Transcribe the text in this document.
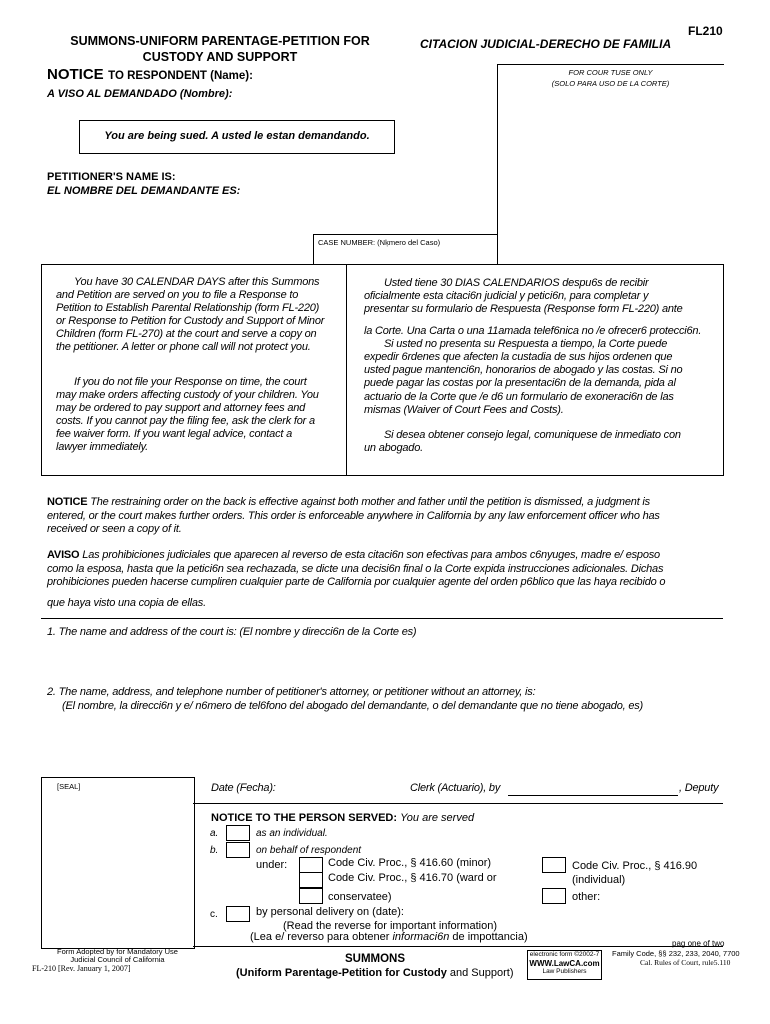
SUMMONS-UNIFORM PARENTAGE-PETITION FOR
CUSTODY AND SUPPORT
CITACION JUDICIAL-DERECHO DE FAMILIA
FL210
NOTICE TO RESPONDENT (Name):
A VISO AL DEMANDADO (Nombre):
FOR COUR TUSE ONLY
(SOLO PARA USO DE LA CORTE)
You are being sued. A usted le estan demandando.
PETITIONER'S NAME IS:
EL NOMBRE DEL DEMANDANTE ES:
CASE NUMBER: (Nķmero del Caso)
You have 30 CALENDAR DAYS after this Summons
and Petition are served on you to file a Response to
Petition to Establish Parental Relationship (form FL-220)
or Response to Petition for Custody and Support of Minor
Children (form FL-270) at the court and serve a copy on
the petitioner. A letter or phone call will not protect you.
If you do not file your Response on time, the court
may make orders affecting custody of your children. You
may be ordered to pay support and attorney fees and
costs. If you cannot pay the filing fee, ask the clerk for a
fee waiver form. If you want legal advice, contact a
lawyer immediately.
Usted tiene 30 DIAS CALENDARIOS despu6s de recibir
oficialmente esta citaci6n judicial y petici6n, para completar y
presentar su formulario de Respuesta (Response form FL-220) ante
la Corte. Una Carta o una 11amada telef6nica no /e ofrecer6 protecci6n.
Si usted no presenta su Respuesta a tiempo, la Corte puede
expedir 6rdenes que afecten la custadia de sus hijos ordenen que
usted pague mantenci6n, honorarios de abogado y las costas. Si no
puede pagar las costas por la presentaci6n de la demanda, pida al
actuario de la Corte que /e d6 un formulario de exoneraci6n de las
mismas (Waiver of Court Fees and Costs).
Si desea obtener consejo legal, comuniquese de inmediato con
un abogado.
NOTICE The restraining order on the back is effective against both mother and father until the petition is dismissed, a judgment is
entered, or the court makes further orders. This order is enforceable anywhere in California by any law enforcement officer who has
received or seen a copy of it.
AVISO Las prohibiciones judiciales que aparecen al reverso de esta citaci6n son efectivas para ambos c6nyuges, madre e/ esposo
como la esposa, hasta que la petici6n sea rechazada, se dicte una decisi6n final o la Corte expida instrucciones adicionales. Dichas
prohibiciones pueden hacerse cumpliren cualquier parte de California por cualquier agente del orden p6blico que las haya recibido o
que haya visto una copia de ellas.
1. The name and address of the court is: (El nombre y direcci6n de la Corte es)
2. The name, address, and telephone number of petitioner's attorney, or petitioner without an attorney, is:
(El nombre, la direcci6n y e/ n6mero de tel6fono del abogado del demandante, o del demandante que no tiene abogado, es)
[SEAL]	Date (Fecha):	Clerk (Actuario), by	, Deputy
NOTICE TO THE PERSON SERVED: You are served
a.	as an individual.
b.	on behalf of respondent
under:	Code Civ. Proc., § 416.60 (minor)
Code Civ. Proc., § 416.70 (ward or
conservatee)
Code Civ. Proc., § 416.90
(individual)
other:
c.	by personal delivery on (date):
(Read the reverse for important information)
(Lea e/ reverso para obtener informaci6n de impottancia)
Form Adopted by for Mandatory Use
Judicial Council of California
FL-210 [Rev. January 1, 2007]
SUMMONS
(Uniform Parentage-Petition for Custody and Support)
electronic form ©2002-7
WWW.LawCA.com
Law Publishers
pag one of two
Family Code, §§ 232, 233, 2040, 7700
Cal. Rules of Court, rule5.110
